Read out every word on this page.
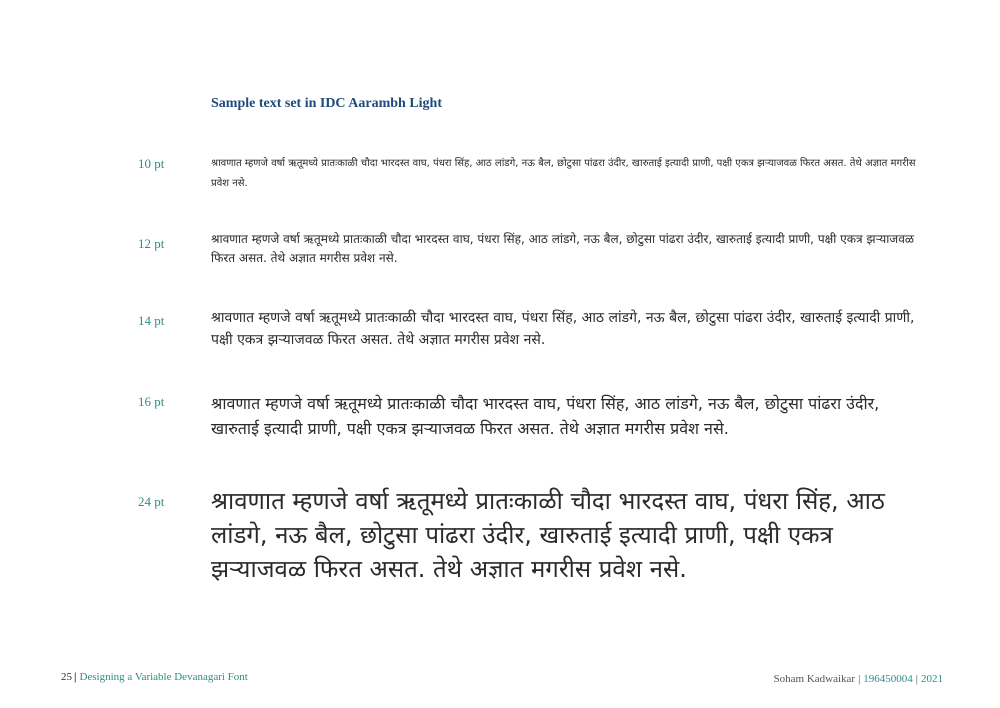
Sample text set in IDC Aarambh Light
10 pt	श्रावणात म्हणजे वर्षा ऋतूमध्ये प्रातःकाळी चौदा भारदस्त वाघ, पंधरा सिंह, आठ लांडगे, नऊ बैल, छोटुसा पांढरा उंदीर, खारुताई इत्यादी प्राणी, पक्षी एकत्र झऱ्याजवळ फिरत असत. तेथे अज्ञात मगरीस प्रवेश नसे.

12 pt	श्रावणात म्हणजे वर्षा ऋतूमध्ये प्रातःकाळी चौदा भारदस्त वाघ, पंधरा सिंह, आठ लांडगे, नऊ बैल, छोटुसा पांढरा उंदीर, खारुताई इत्यादी प्राणी, पक्षी एकत्र झऱ्याजवळ फिरत असत. तेथे अज्ञात मगरीस प्रवेश नसे.

14 pt	श्रावणात म्हणजे वर्षा ऋतूमध्ये प्रातःकाळी चौदा भारदस्त वाघ, पंधरा सिंह, आठ लांडगे, नऊ बैल, छोटुसा पांढरा उंदीर, खारुताई इत्यादी प्राणी, पक्षी एकत्र झऱ्याजवळ फिरत असत. तेथे अज्ञात मगरीस प्रवेश नसे.

16 pt	श्रावणात म्हणजे वर्षा ऋतूमध्ये प्रातःकाळी चौदा भारदस्त वाघ, पंधरा सिंह, आठ लांडगे, नऊ बैल, छोटुसा पांढरा उंदीर, खारुताई इत्यादी प्राणी, पक्षी एकत्र झऱ्याजवळ फिरत असत. तेथे अज्ञात मगरीस प्रवेश नसे.

24 pt श्रावणात म्हणजे वर्षा ऋतूमध्ये प्रातःकाळी चौदा भारदस्त वाघ, पंधरा सिंह, आठ लांडगे, नऊ बैल, छोटुसा पांढरा उंदीर, खारुताई इत्यादी प्राणी, पक्षी एकत्र झऱ्याजवळ फिरत असत. तेथे अज्ञात मगरीस प्रवेश नसे.

25 | Designing a Variable Devanagari Font	Soham Kadwaikar | 196450004 | 2021
